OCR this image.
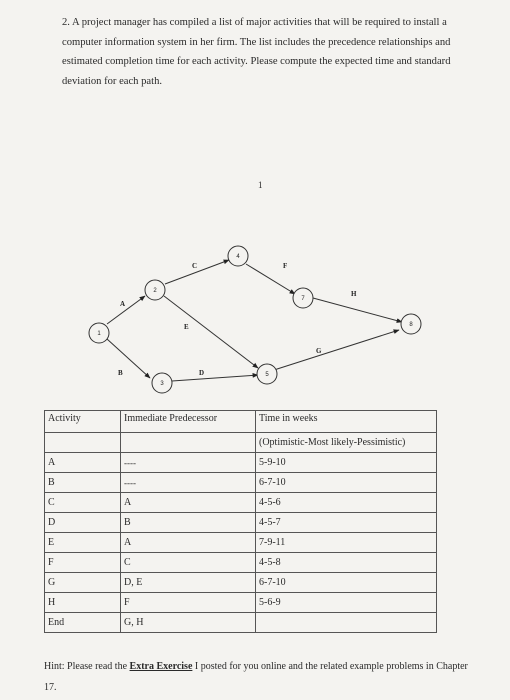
2. A project manager has compiled a list of major activities that will be required to install a computer information system in her firm. The list includes the precedence relationships and estimated completion time for each activity. Please compute the expected time and standard deviation for each path.
1
A
B
C
D
E
F
G
H
1
2
3
4
5
7
8
Activity	Immediate Predecessor	Time in weeks
		(Optimistic-Most likely-Pessimistic)
A	----	5-9-10
B	----	6-7-10
C	A	4-5-6
D	B	4-5-7
E	A	7-9-11
F	C	4-5-8
G	D, E	6-7-10
H	F	5-6-9
End	G, H	
Hint: Please read the Extra Exercise I posted for you online and the related example problems in Chapter 17.
